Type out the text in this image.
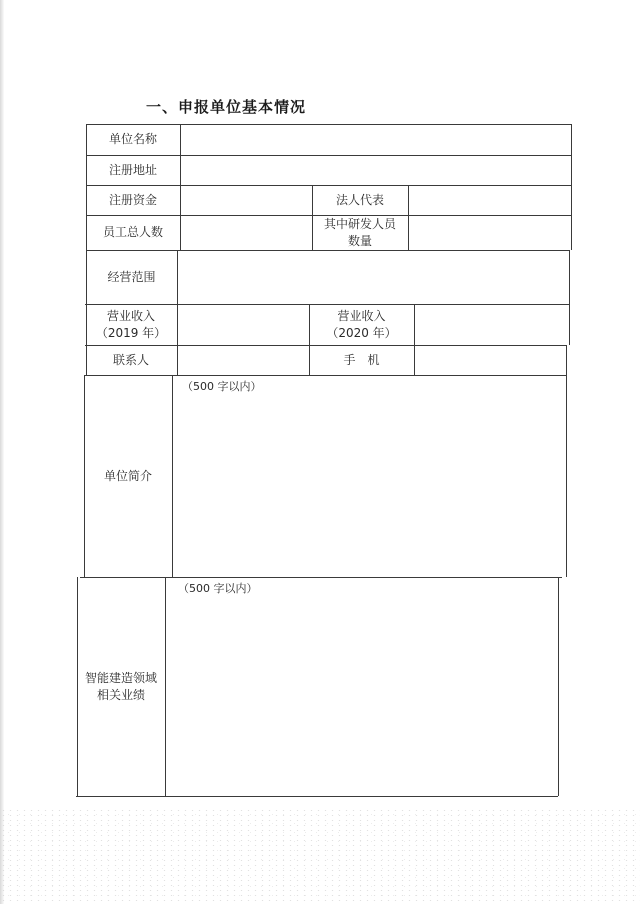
一、申报单位基本情况
单位名称
注册地址
注册资金	法人代表
员工总人数
其中研发人员
数量
经营范围
营业收入
（2019 年）
营业收入
（2020 年）
联系人	手　机
单位简介
智能建造领域
相关业绩
（500 字以内）
（500 字以内）
